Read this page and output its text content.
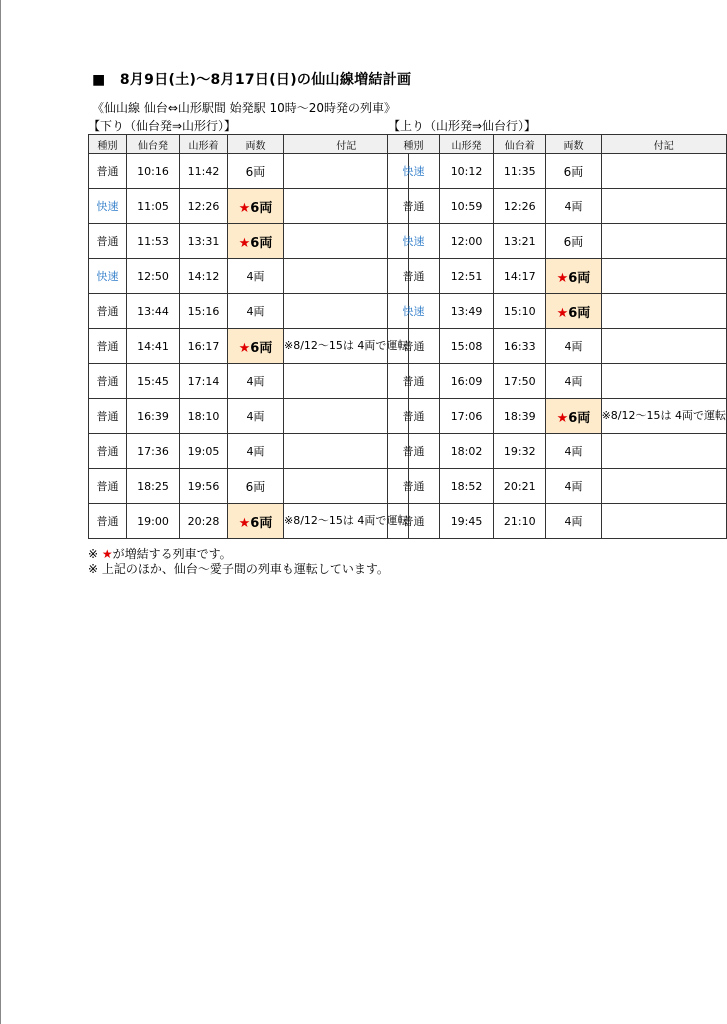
■　8月9日(土)～8月17日(日)の仙山線増結計画
《仙山線 仙台⇔山形駅間 始発駅 10時～20時発の列車》
【下り（仙台発⇒山形行）】	【上り（山形発⇒仙台行）】
種別	仙台発	山形着	両数	付記
普通	10:16	11:42	6両	
快速	11:05	12:26	★6両	
普通	11:53	13:31	★6両	
快速	12:50	14:12	4両	
普通	13:44	15:16	4両	
普通	14:41	16:17	★6両	※8/12～15は 4両で運転
普通	15:45	17:14	4両	
普通	16:39	18:10	4両	
普通	17:36	19:05	4両	
普通	18:25	19:56	6両	
普通	19:00	20:28	★6両	※8/12～15は 4両で運転
種別	山形発	仙台着	両数	付記
快速	10:12	11:35	6両	
普通	10:59	12:26	4両	
快速	12:00	13:21	6両	
普通	12:51	14:17	★6両	
快速	13:49	15:10	★6両	
普通	15:08	16:33	4両	
普通	16:09	17:50	4両	
普通	17:06	18:39	★6両	※8/12～15は 4両で運転
普通	18:02	19:32	4両	
普通	18:52	20:21	4両	
普通	19:45	21:10	4両	
※ ★が増結する列車です。
※ 上記のほか、仙台～愛子間の列車も運転しています。
